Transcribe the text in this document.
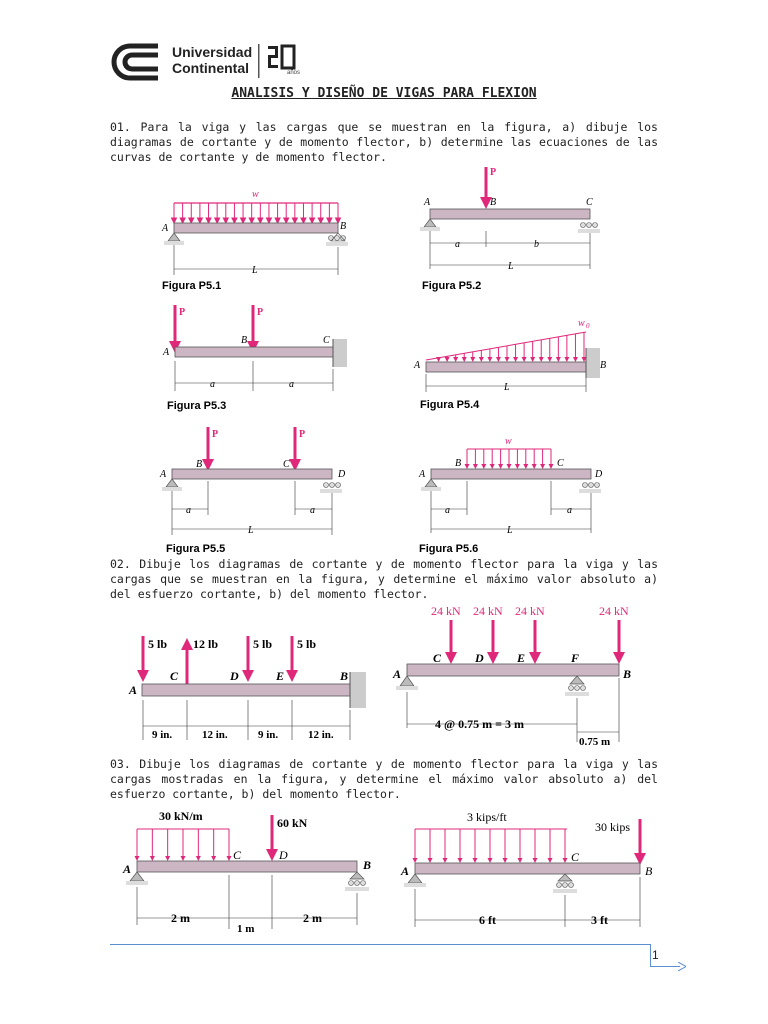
Universidad
Continental	años
ANALISIS Y DISEÑO DE VIGAS PARA FLEXION
01. Para la viga y las cargas que se muestran en la figura, a) dibuje los diagramas de cortante y de momento flector, b) determine las ecuaciones de las curvas de cortante y de momento flector.
w
A	B
L
Figura P5.1
P
A	B	C
a	b
L
Figura P5.2
P	P
A
B	C
a	a
Figura P5.3
w 0
A	B
L
Figura P5.4
P	P
A
B	C
D
a	a
L
Figura P5.5
w
A
B	C
D
a	a
L
Figura P5.6
02. Dibuje los diagramas de cortante y de momento flector para la viga y las cargas que se muestran en la figura, y determine el máximo valor absoluto a) del esfuerzo cortante, b) del momento flector.
5 lb 12 lb	5 lb 5 lb
A
C	D	E	B
9 in.	12 in.	9 in.	12 in.
24 kN 24 kN 24 kN	24 kN
A
C	D	E	F
B
4 @ 0.75 m = 3 m
0.75 m
03. Dibuje los diagramas de cortante y de momento flector para la viga y las cargas mostradas en la figura, y determine el máximo valor absoluto a) del esfuerzo cortante, b) del momento flector.
30 kN/m	60 kN
A
C	D
B
2 m
1 m
2 m
3 kips/ft
30 kips
A
C
B
6 ft	3 ft
1
